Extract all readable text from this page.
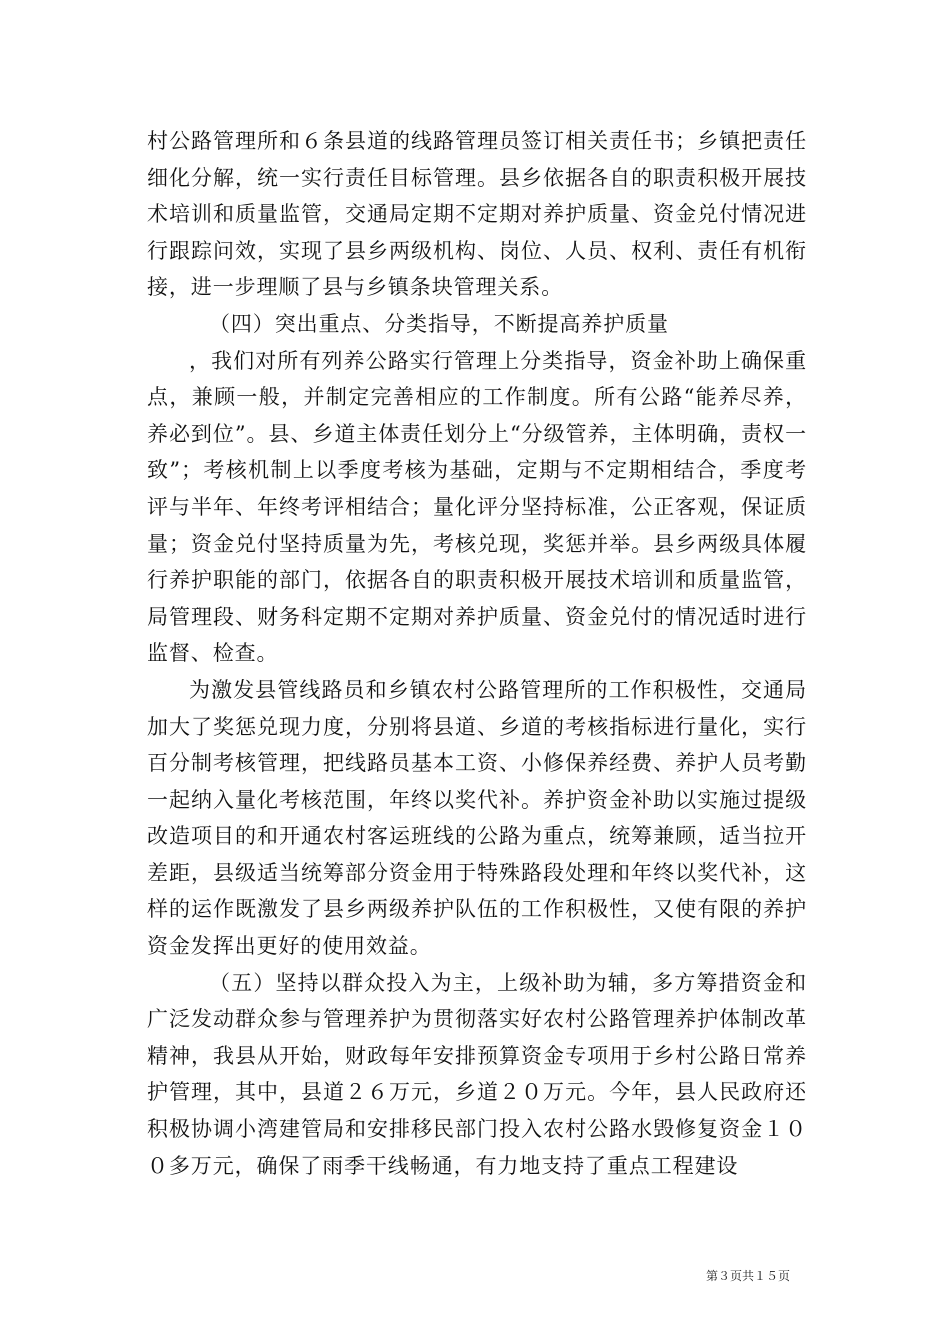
村公路管理所和６条县道的线路管理员签订相关责任书；乡镇把责任细化分解，统一实行责任目标管理。县乡依据各自的职责积极开展技术培训和质量监管，交通局定期不定期对养护质量、资金兑付情况进行跟踪问效，实现了县乡两级机构、岗位、人员、权利、责任有机衔接，进一步理顺了县与乡镇条块管理关系。

（四）突出重点、分类指导，不断提高养护质量

，我们对所有列养公路实行管理上分类指导，资金补助上确保重点，兼顾一般，并制定完善相应的工作制度。所有公路“能养尽养，养必到位”。县、乡道主体责任划分上“分级管养，主体明确，责权一致”；考核机制上以季度考核为基础，定期与不定期相结合，季度考评与半年、年终考评相结合；量化评分坚持标准，公正客观，保证质量；资金兑付坚持质量为先，考核兑现，奖惩并举。县乡两级具体履行养护职能的部门，依据各自的职责积极开展技术培训和质量监管，局管理段、财务科定期不定期对养护质量、资金兑付的情况适时进行监督、检查。

为激发县管线路员和乡镇农村公路管理所的工作积极性，交通局加大了奖惩兑现力度，分别将县道、乡道的考核指标进行量化，实行百分制考核管理，把线路员基本工资、小修保养经费、养护人员考勤一起纳入量化考核范围，年终以奖代补。养护资金补助以实施过提级改造项目的和开通农村客运班线的公路为重点，统筹兼顾，适当拉开差距，县级适当统筹部分资金用于特殊路段处理和年终以奖代补，这样的运作既激发了县乡两级养护队伍的工作积极性，又使有限的养护资金发挥出更好的使用效益。

（五）坚持以群众投入为主，上级补助为辅，多方筹措资金和广泛发动群众参与管理养护为贯彻落实好农村公路管理养护体制改革精神，我县从开始，财政每年安排预算资金专项用于乡村公路日常养护管理，其中，县道２６万元，乡道２０万元。今年，县人民政府还积极协调小湾建管局和安排移民部门投入农村公路水毁修复资金１００多万元，确保了雨季干线畅通，有力地支持了重点工程建设

第３页共１５页
